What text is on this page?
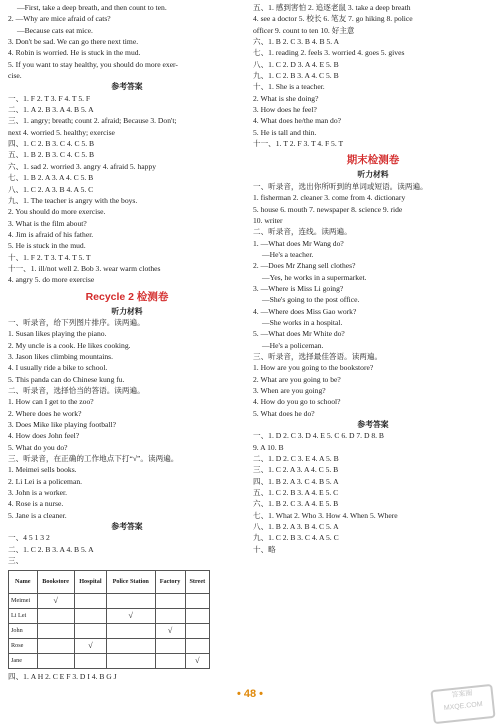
—First, take a deep breath, and then count to ten.
2. —Why are mice afraid of cats?
—Because cats eat mice.
3. Don't be sad. We can go there next time.
4. Robin is worried. He is stuck in the mud.
5. If you want to stay healthy, you should do more exer-
cise.
参考答案
一、1. F 2. T 3. F 4. T 5. F
二、1. A 2. B 3. A 4. B 5. A
三、1. angry; breath; count 2. afraid; Because 3. Don't;
next 4. worried 5. healthy; exercise
四、1. C 2. B 3. C 4. C 5. B
五、1. B 2. B 3. C 4. C 5. B
六、1. sad 2. worried 3. angry 4. afraid 5. happy
七、1. B 2. A 3. A 4. C 5. B
八、1. C 2. A 3. B 4. A 5. C
九、1. The teacher is angry with the boys.
2. You should do more exercise.
3. What is the film about?
4. Jim is afraid of his father.
5. He is stuck in the mud.
十、1. F 2. T 3. T 4. T 5. T
十一、1. ill/not well 2. Bob 3. wear warm clothes
4. angry 5. do more exercise
Recycle 2 检测卷
听力材料
一、听录音，给下列图片排序。读两遍。
1. Susan likes playing the piano.
2. My uncle is a cook. He likes cooking.
3. Jason likes climbing mountains.
4. I usually ride a bike to school.
5. This panda can do Chinese kung fu.
二、听录音，选择恰当的答语。读两遍。
1. How can I get to the zoo?
2. Where does he work?
3. Does Mike like playing football?
4. How does John feel?
5. What do you do?
三、听录音，在正确的工作地点下打“√”。读两遍。
1. Meimei sells books.
2. Li Lei is a policeman.
3. John is a worker.
4. Rose is a nurse.
5. Jane is a cleaner.
参考答案
一、4 5 1 3 2
二、1. C 2. B 3. A 4. B 5. A
三、
Name	Bookstore	Hospital	Police Station	Factory	Street
Meimei	√				
Li Lei			√		
John				√	
Rose		√			
Jane					√
四、1. A H 2. C E F 3. D I 4. B G J
五、1. 感到害怕 2. 追逐老鼠 3. take a deep breath
4. see a doctor 5. 校长 6. 笔友 7. go hiking 8. police
officer 9. count to ten 10. 好主意
六、1. B 2. C 3. B 4. B 5. A
七、1. reading 2. feels 3. worried 4. goes 5. gives
八、1. C 2. D 3. A 4. E 5. B
九、1. C 2. B 3. A 4. C 5. B
十、1. She is a teacher.
2. What is she doing?
3. How does he feel?
4. What does he/the man do?
5. He is tall and thin.
十一、1. T 2. F 3. T 4. F 5. T
期末检测卷
听力材料
一、听录音，选出你所听到的单词或短语。读两遍。
1. fisherman 2. cleaner 3. come from 4. dictionary
5. house 6. mouth 7. newspaper 8. science 9. ride
10. writer
二、听录音，连线。读两遍。
1. —What does Mr Wang do?
—He's a teacher.
2. —Does Mr Zhang sell clothes?
—Yes, he works in a supermarket.
3. —Where is Miss Li going?
—She's going to the post office.
4. —Where does Miss Gao work?
—She works in a hospital.
5. —What does Mr White do?
—He's a policeman.
三、听录音，选择最佳答语。读两遍。
1. How are you going to the bookstore?
2. What are you going to be?
3. When are you going?
4. How do you go to school?
5. What does he do?
参考答案
一、1. D 2. C 3. D 4. E 5. C 6. D 7. D 8. B
9. A 10. B
二、1. D 2. C 3. E 4. A 5. B
三、1. C 2. A 3. A 4. C 5. B
四、1. B 2. A 3. C 4. B 5. A
五、1. C 2. B 3. A 4. E 5. C
六、1. B 2. C 3. A 4. E 5. B
七、1. What 2. Who 3. How 4. When 5. Where
八、1. B 2. A 3. B 4. C 5. A
九、1. C 2. B 3. C 4. A 5. C
十、略
• 48 •	答案圈 MXQE.COM
